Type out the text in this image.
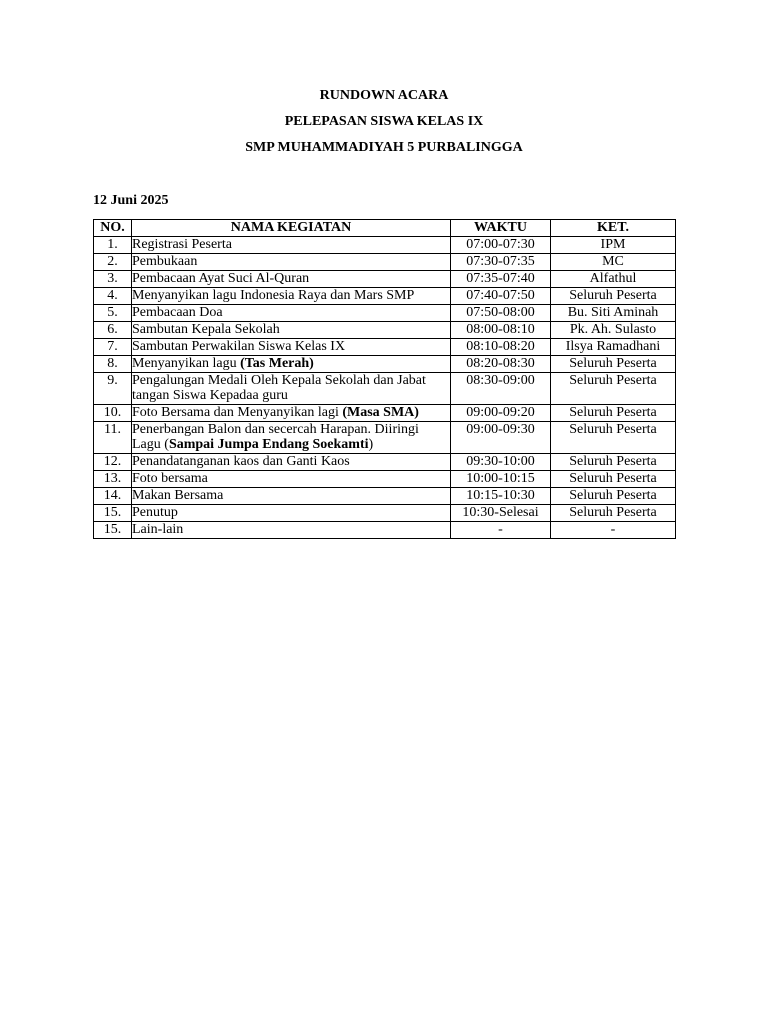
RUNDOWN ACARA
PELEPASAN SISWA KELAS IX
SMP MUHAMMADIYAH 5 PURBALINGGA
12 Juni 2025
NO.	NAMA KEGIATAN	WAKTU	KET.
1.	Registrasi Peserta	07:00-07:30	IPM
2.	Pembukaan	07:30-07:35	MC
3.	Pembacaan Ayat Suci Al-Quran	07:35-07:40	Alfathul
4.	Menyanyikan lagu Indonesia Raya dan Mars SMP	07:40-07:50	Seluruh Peserta
5.	Pembacaan Doa	07:50-08:00	Bu. Siti Aminah
6.	Sambutan Kepala Sekolah	08:00-08:10	Pk. Ah. Sulasto
7.	Sambutan Perwakilan Siswa Kelas IX	08:10-08:20	Ilsya Ramadhani
8.	Menyanyikan lagu (Tas Merah)	08:20-08:30	Seluruh Peserta
9.	Pengalungan Medali Oleh Kepala Sekolah dan Jabat tangan Siswa Kepadaa guru	08:30-09:00	Seluruh Peserta
10.	Foto Bersama dan Menyanyikan lagi (Masa SMA)	09:00-09:20	Seluruh Peserta
11.	Penerbangan Balon dan secercah Harapan. Diiringi Lagu (Sampai Jumpa Endang Soekamti)	09:00-09:30	Seluruh Peserta
12.	Penandatanganan kaos dan Ganti Kaos	09:30-10:00	Seluruh Peserta
13.	Foto bersama	10:00-10:15	Seluruh Peserta
14.	Makan Bersama	10:15-10:30	Seluruh Peserta
15.	Penutup	10:30-Selesai	Seluruh Peserta
15.	Lain-lain	-	-
